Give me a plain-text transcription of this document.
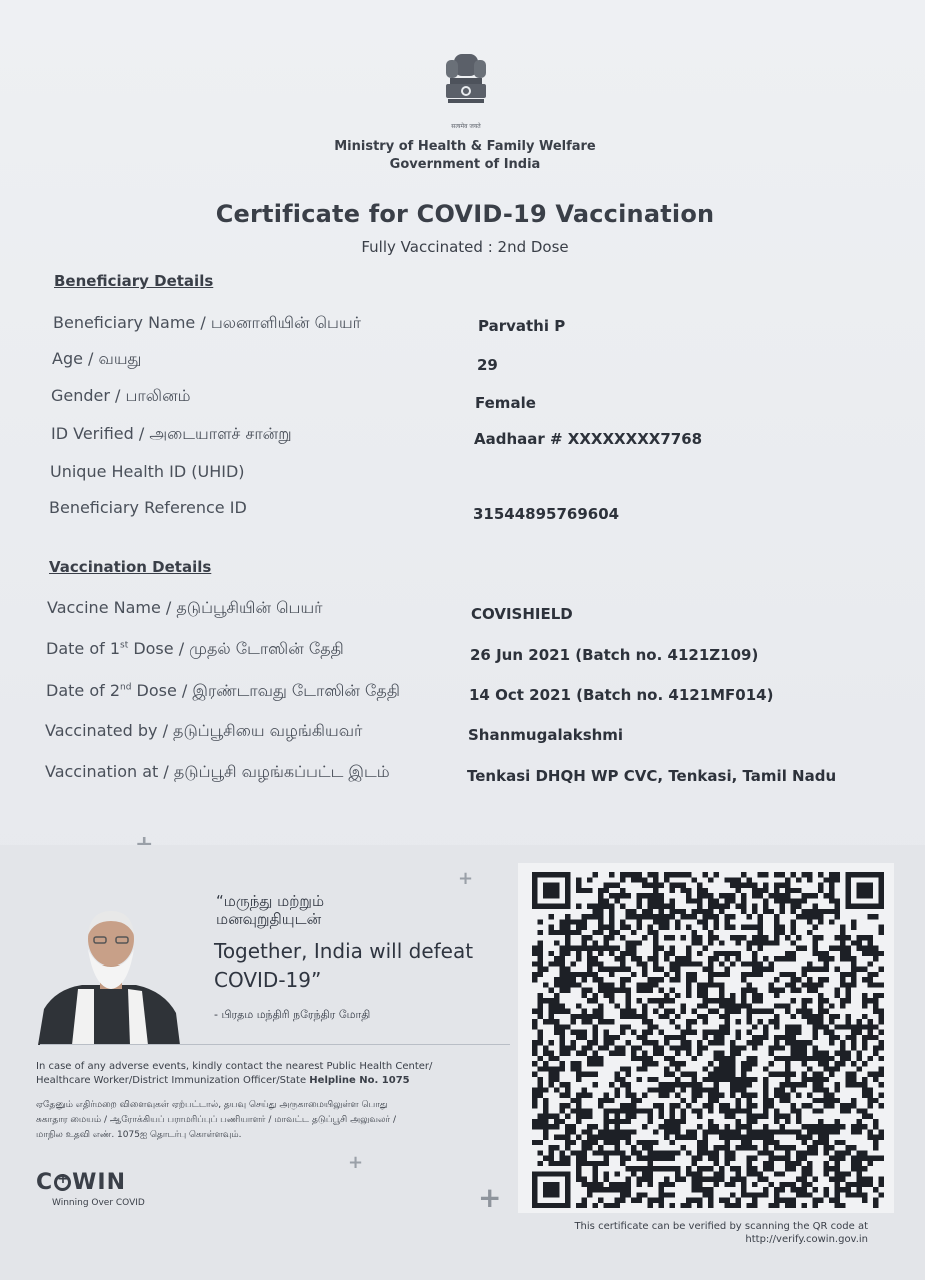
सत्यमेव जयते
Ministry of Health & Family Welfare
Government of India
Certificate for COVID-19 Vaccination
Fully Vaccinated : 2nd Dose
Beneficiary Details
Beneficiary Name / பலனாளியின் பெயர்	Parvathi P
Age / வயது	29
Gender / பாலினம்	Female
ID Verified / அடையாளச் சான்று	Aadhaar # XXXXXXXX7768
Unique Health ID (UHID)
Beneficiary Reference ID	31544895769604
Vaccination Details
Vaccine Name / தடுப்பூசியின் பெயர்	COVISHIELD
Date of 1st Dose / முதல் டோஸின் தேதி	26 Jun 2021 (Batch no. 4121Z109)
Date of 2nd Dose / இரண்டாவது டோஸின் தேதி	14 Oct 2021 (Batch no. 4121MF014)
Vaccinated by / தடுப்பூசியை வழங்கியவர்	Shanmugalakshmi
Vaccination at / தடுப்பூசி வழங்கப்பட்ட இடம்	Tenkasi DHQH WP CVC, Tenkasi, Tamil Nadu
+
“மருந்து மற்றும்
மனவுறுதியுடன்
Together, India will defeat
COVID-19”
- பிரதம மந்திரி நரேந்திர மோதி
In case of any adverse events, kindly contact the nearest Public Health Center/
Healthcare Worker/District Immunization Officer/State Helpline No. 1075
ஏதேனும் எதிர்மறை விளைவுகள் ஏற்பட்டால், தயவு செய்து அருகாமையிலுள்ள பொது
சுகாதார மையம் / ஆரோக்கியப் பராமரிப்புப் பணியாளர் / மாவட்ட தடுப்பூசி அலுவலர் /
மாநில உதவி எண். 1075ஐ தொடர்பு கொள்ளவும்.
+
C+ WIN
Winning Over COVID	+
This certificate can be verified by scanning the QR code at
http://verify.cowin.gov.in
